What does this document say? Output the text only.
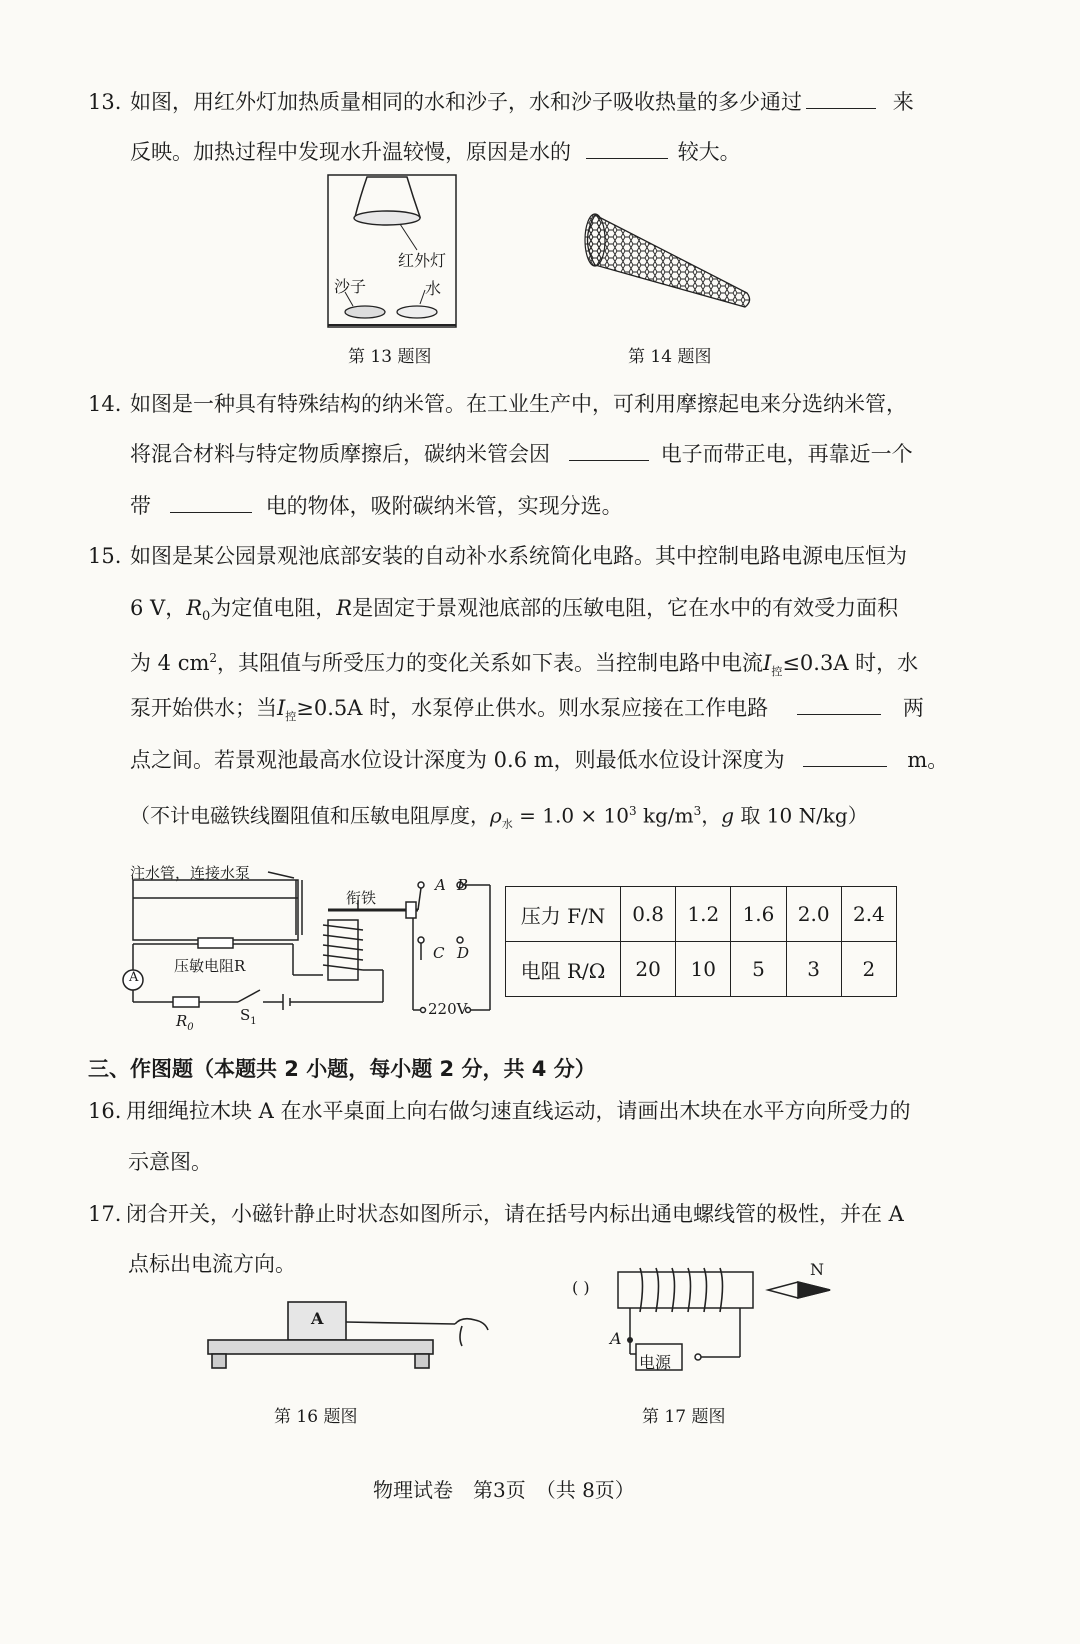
13. 如图，用红外灯加热质量相同的水和沙子，水和沙子吸收热量的多少通过	来
反映。加热过程中发现水升温较慢，原因是水的	较大。
红外灯
沙子	水
第 13 题图	第 14 题图
14. 如图是一种具有特殊结构的纳米管。在工业生产中，可利用摩擦起电来分选纳米管，
将混合材料与特定物质摩擦后，碳纳米管会因	电子而带正电，再靠近一个
带	电的物体，吸附碳纳米管，实现分选。
15. 如图是某公园景观池底部安装的自动补水系统简化电路。其中控制电路电源电压恒为
6 V，$R_0$为定值电阻，R是固定于景观池底部的压敏电阻，它在水中的有效受力面积
为 4 $cm^2$，其阻值与所受压力的变化关系如下表。当控制电路中电流$I_控\le 0.3A$ 时，水
泵开始供水；当$I_控\ge 0.5A$ 时，水泵停止供水。则水泵应接在工作电路	两
点之间。若景观池最高水位设计深度为 0.6 m，则最低水位设计深度为	m。
（不计电磁铁线圈阻值和压敏电阻厚度，$\rho_水 = 1.0 \times 10^3$ $kg/m^3$，g 取 10 N/kg）
注水管，连接水泵
衔铁
压敏电阻R
A
$R_0$
$S_1$
A B
C D
220V
压力 F/N	0.8	1.2	1.6	2.0	2.4
电阻 R/Ω	20	10	5	3	2
三、作图题（本题共 2 小题，每小题 2 分，共 4 分）
16. 用细绳拉木块 A 在水平桌面上向右做匀速直线运动，请画出木块在水平方向所受力的
示意图。
17. 闭合开关，小磁针静止时状态如图所示，请在括号内标出通电螺线管的极性，并在 A
点标出电流方向。
A
第 16 题图
( )
N
A
电源
第 17 题图
物理试卷　第3页　（共 8页）
